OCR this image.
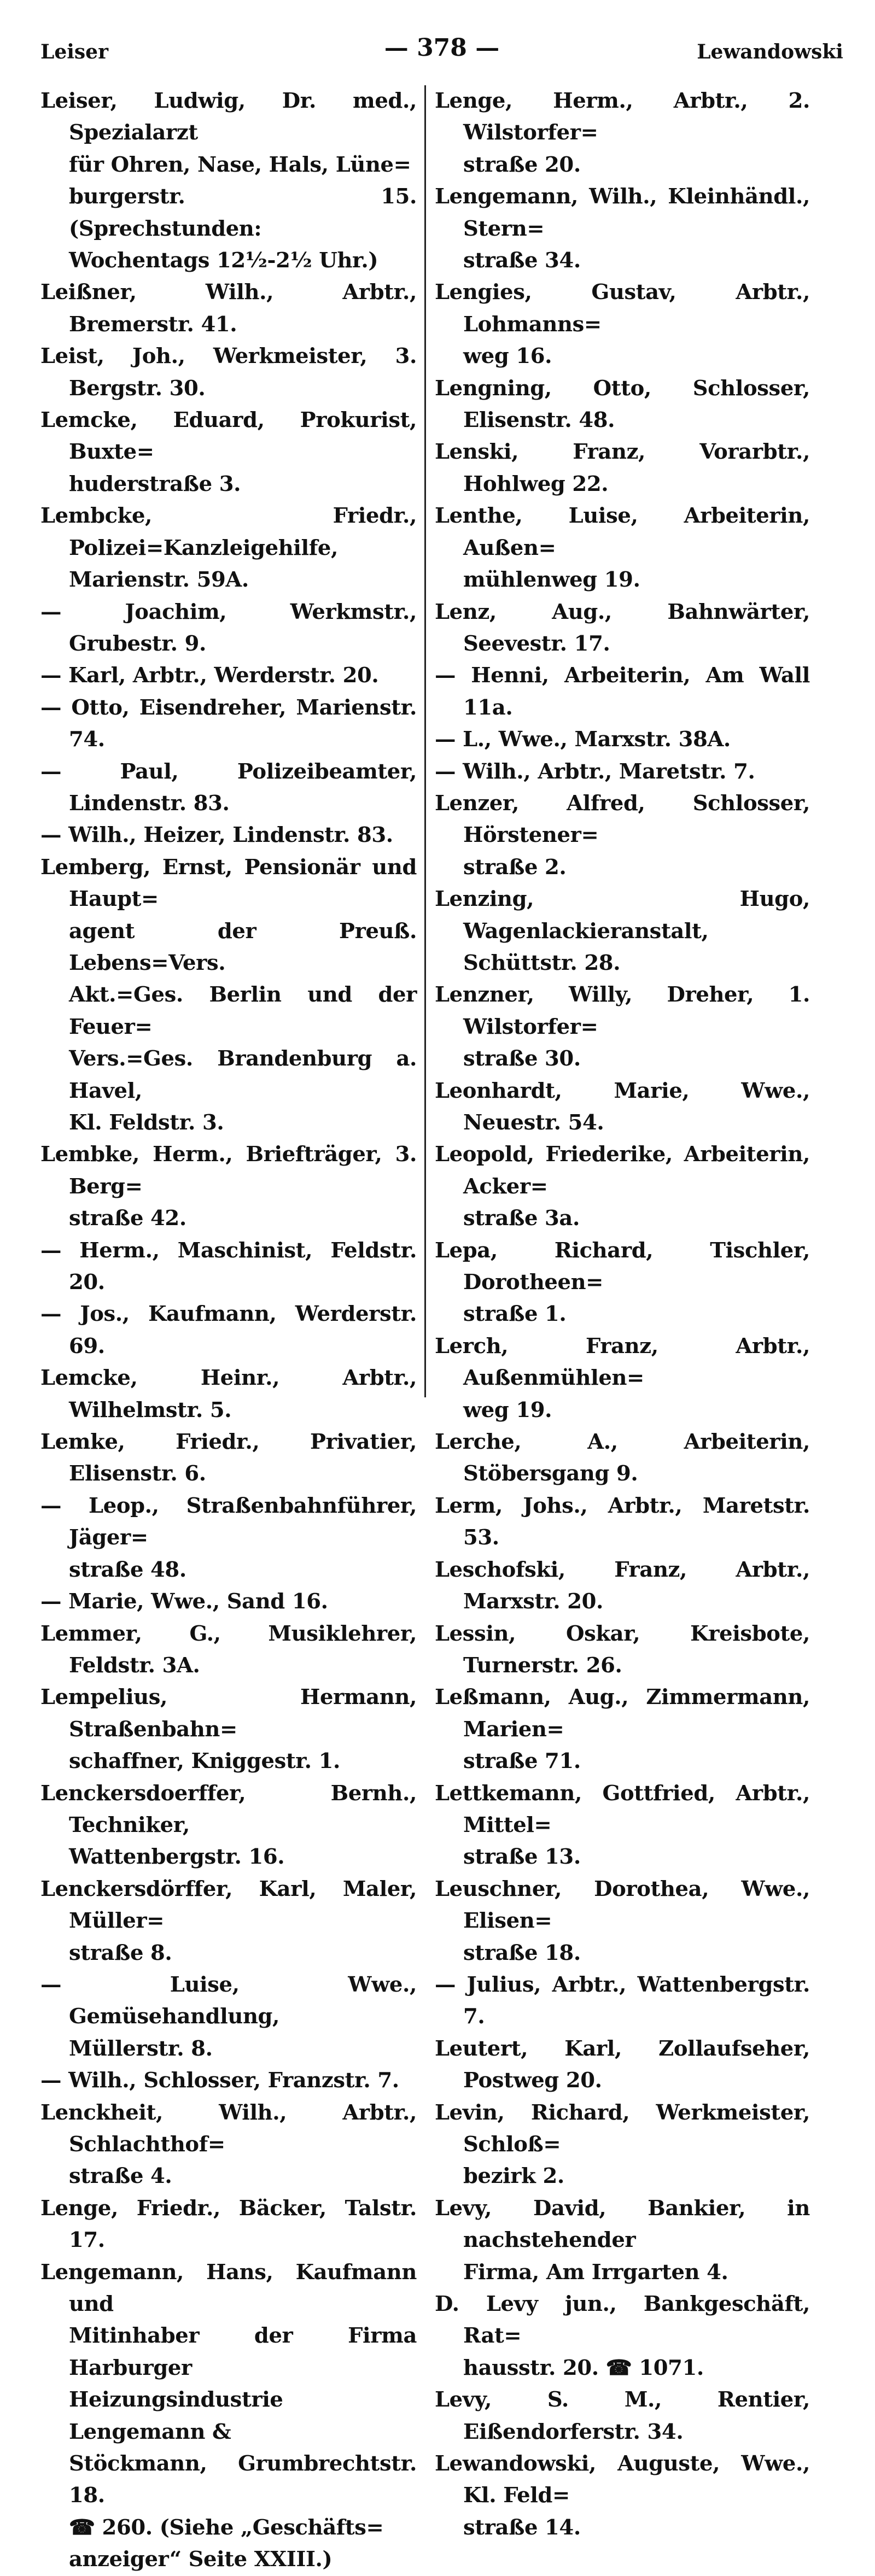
Leiser	— 378 —	Lewandowski

Leiser, Ludwig, Dr. med., Spezialarzt
für Ohren, Nase, Hals, Lüne=
burgerstr. 15. (Sprechstunden:
Wochentags 12½-2½ Uhr.)

Leißner, Wilh., Arbtr., Bremerstr. 41.

Leist, Joh., Werkmeister, 3. Bergstr. 30.

Lemcke, Eduard, Prokurist, Buxte=
huderstraße 3.

Lembcke, Friedr., Polizei=Kanzleigehilfe,
Marienstr. 59A.

— Joachim, Werkmstr., Grubestr. 9.

— Karl, Arbtr., Werderstr. 20.

— Otto, Eisendreher, Marienstr. 74.

— Paul, Polizeibeamter, Lindenstr. 83.

— Wilh., Heizer, Lindenstr. 83.

Lemberg, Ernst, Pensionär und Haupt=
agent der Preuß. Lebens=Vers.
Akt.=Ges. Berlin und der Feuer=
Vers.=Ges. Brandenburg a. Havel,
Kl. Feldstr. 3.

Lembke, Herm., Briefträger, 3. Berg=
straße 42.

— Herm., Maschinist, Feldstr. 20.

— Jos., Kaufmann, Werderstr. 69.

Lemcke, Heinr., Arbtr., Wilhelmstr. 5.

Lemke, Friedr., Privatier, Elisenstr. 6.

— Leop., Straßenbahnführer, Jäger=
straße 48.

— Marie, Wwe., Sand 16.

Lemmer, G., Musiklehrer, Feldstr. 3A.

Lempelius, Hermann, Straßenbahn=
schaffner, Kniggestr. 1.

Lenckersdoerffer, Bernh., Techniker,
Wattenbergstr. 16.

Lenckersdörffer, Karl, Maler, Müller=
straße 8.

— Luise, Wwe., Gemüsehandlung,
Müllerstr. 8.

— Wilh., Schlosser, Franzstr. 7.

Lenckheit, Wilh., Arbtr., Schlachthof=
straße 4.

Lenge, Friedr., Bäcker, Talstr. 17.

Lengemann, Hans, Kaufmann und
Mitinhaber der Firma Harburger
Heizungsindustrie Lengemann &
Stöckmann, Grumbrechtstr. 18.
☎ 260. (Siehe „Geschäfts=
anzeiger“ Seite XXIII.)

Lenge, Herm., Arbtr., 2. Wilstorfer=
straße 20.

Lengemann, Wilh., Kleinhändl., Stern=
straße 34.

Lengies, Gustav, Arbtr., Lohmanns=
weg 16.

Lengning, Otto, Schlosser, Elisenstr. 48.

Lenski, Franz, Vorarbtr., Hohlweg 22.

Lenthe, Luise, Arbeiterin, Außen=
mühlenweg 19.

Lenz, Aug., Bahnwärter, Seevestr. 17.

— Henni, Arbeiterin, Am Wall 11a.

— L., Wwe., Marxstr. 38A.

— Wilh., Arbtr., Maretstr. 7.

Lenzer, Alfred, Schlosser, Hörstener=
straße 2.

Lenzing, Hugo, Wagenlackieranstalt,
Schüttstr. 28.

Lenzner, Willy, Dreher, 1. Wilstorfer=
straße 30.

Leonhardt, Marie, Wwe., Neuestr. 54.

Leopold, Friederike, Arbeiterin, Acker=
straße 3a.

Lepa, Richard, Tischler, Dorotheen=
straße 1.

Lerch, Franz, Arbtr., Außenmühlen=
weg 19.

Lerche, A., Arbeiterin, Stöbersgang 9.

Lerm, Johs., Arbtr., Maretstr. 53.

Leschofski, Franz, Arbtr., Marxstr. 20.

Lessin, Oskar, Kreisbote, Turnerstr. 26.

Leßmann, Aug., Zimmermann, Marien=
straße 71.

Lettkemann, Gottfried, Arbtr., Mittel=
straße 13.

Leuschner, Dorothea, Wwe., Elisen=
straße 18.

— Julius, Arbtr., Wattenbergstr. 7.

Leutert, Karl, Zollaufseher, Postweg 20.

Levin, Richard, Werkmeister, Schloß=
bezirk 2.

Levy, David, Bankier, in nachstehender
Firma, Am Irrgarten 4.

D. Levy jun., Bankgeschäft, Rat=
hausstr. 20. ☎ 1071.

Levy, S. M., Rentier, Eißendorferstr. 34.

Lewandowski, Auguste, Wwe., Kl. Feld=
straße 14.
